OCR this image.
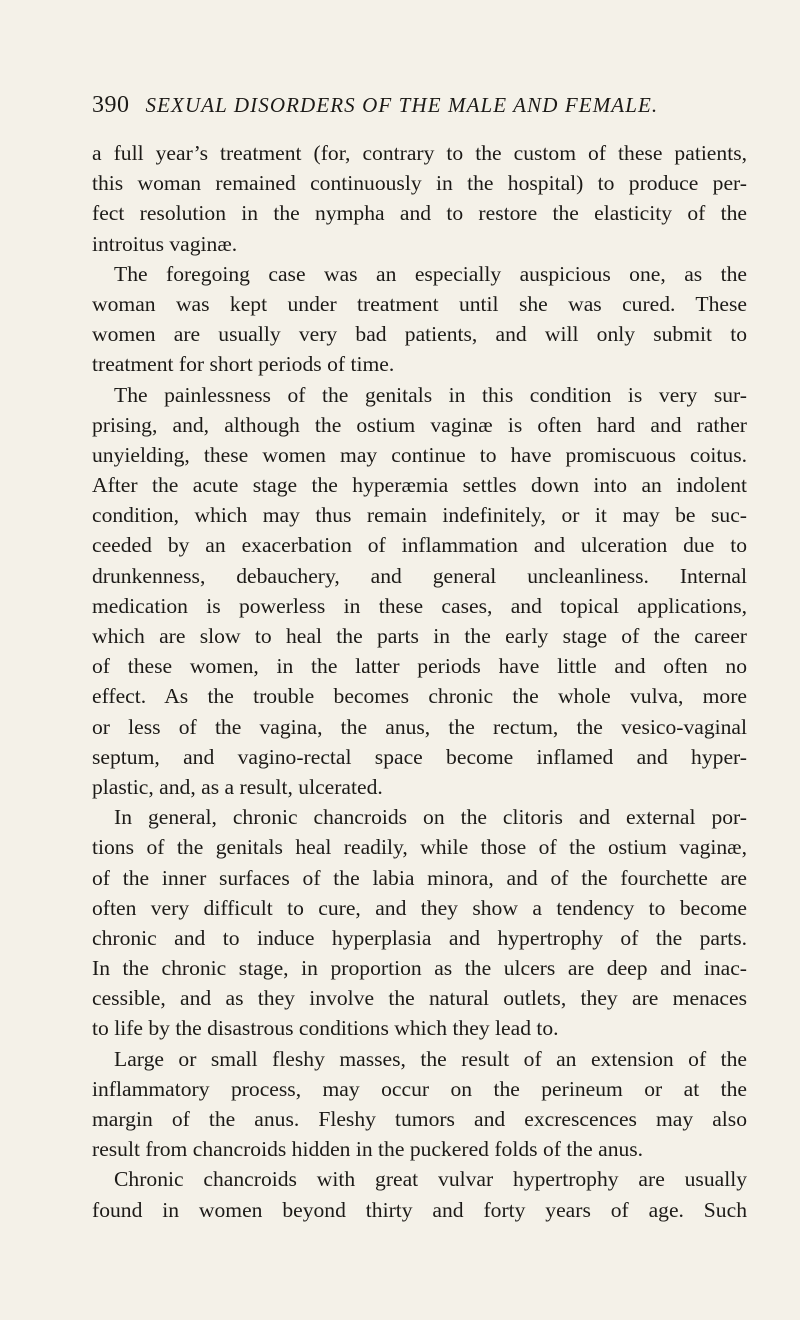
390 SEXUAL DISORDERS OF THE MALE AND FEMALE.
a full year’s treatment (for, contrary to the custom of these patients,
this woman remained continuously in the hospital) to produce per-
fect resolution in the nympha and to restore the elasticity of the
introitus vaginæ.
The foregoing case was an especially auspicious one, as the
woman was kept under treatment until she was cured. These
women are usually very bad patients, and will only submit to
treatment for short periods of time.
The painlessness of the genitals in this condition is very sur-
prising, and, although the ostium vaginæ is often hard and rather
unyielding, these women may continue to have promiscuous coitus.
After the acute stage the hyperæmia settles down into an indolent
condition, which may thus remain indefinitely, or it may be suc-
ceeded by an exacerbation of inflammation and ulceration due to
drunkenness, debauchery, and general uncleanliness. Internal
medication is powerless in these cases, and topical applications,
which are slow to heal the parts in the early stage of the career
of these women, in the latter periods have little and often no
effect. As the trouble becomes chronic the whole vulva, more
or less of the vagina, the anus, the rectum, the vesico-vaginal
septum, and vagino-rectal space become inflamed and hyper-
plastic, and, as a result, ulcerated.
In general, chronic chancroids on the clitoris and external por-
tions of the genitals heal readily, while those of the ostium vaginæ,
of the inner surfaces of the labia minora, and of the fourchette are
often very difficult to cure, and they show a tendency to become
chronic and to induce hyperplasia and hypertrophy of the parts.
In the chronic stage, in proportion as the ulcers are deep and inac-
cessible, and as they involve the natural outlets, they are menaces
to life by the disastrous conditions which they lead to.
Large or small fleshy masses, the result of an extension of the
inflammatory process, may occur on the perineum or at the
margin of the anus. Fleshy tumors and excrescences may also
result from chancroids hidden in the puckered folds of the anus.
Chronic chancroids with great vulvar hypertrophy are usually
found in women beyond thirty and forty years of age. Such
